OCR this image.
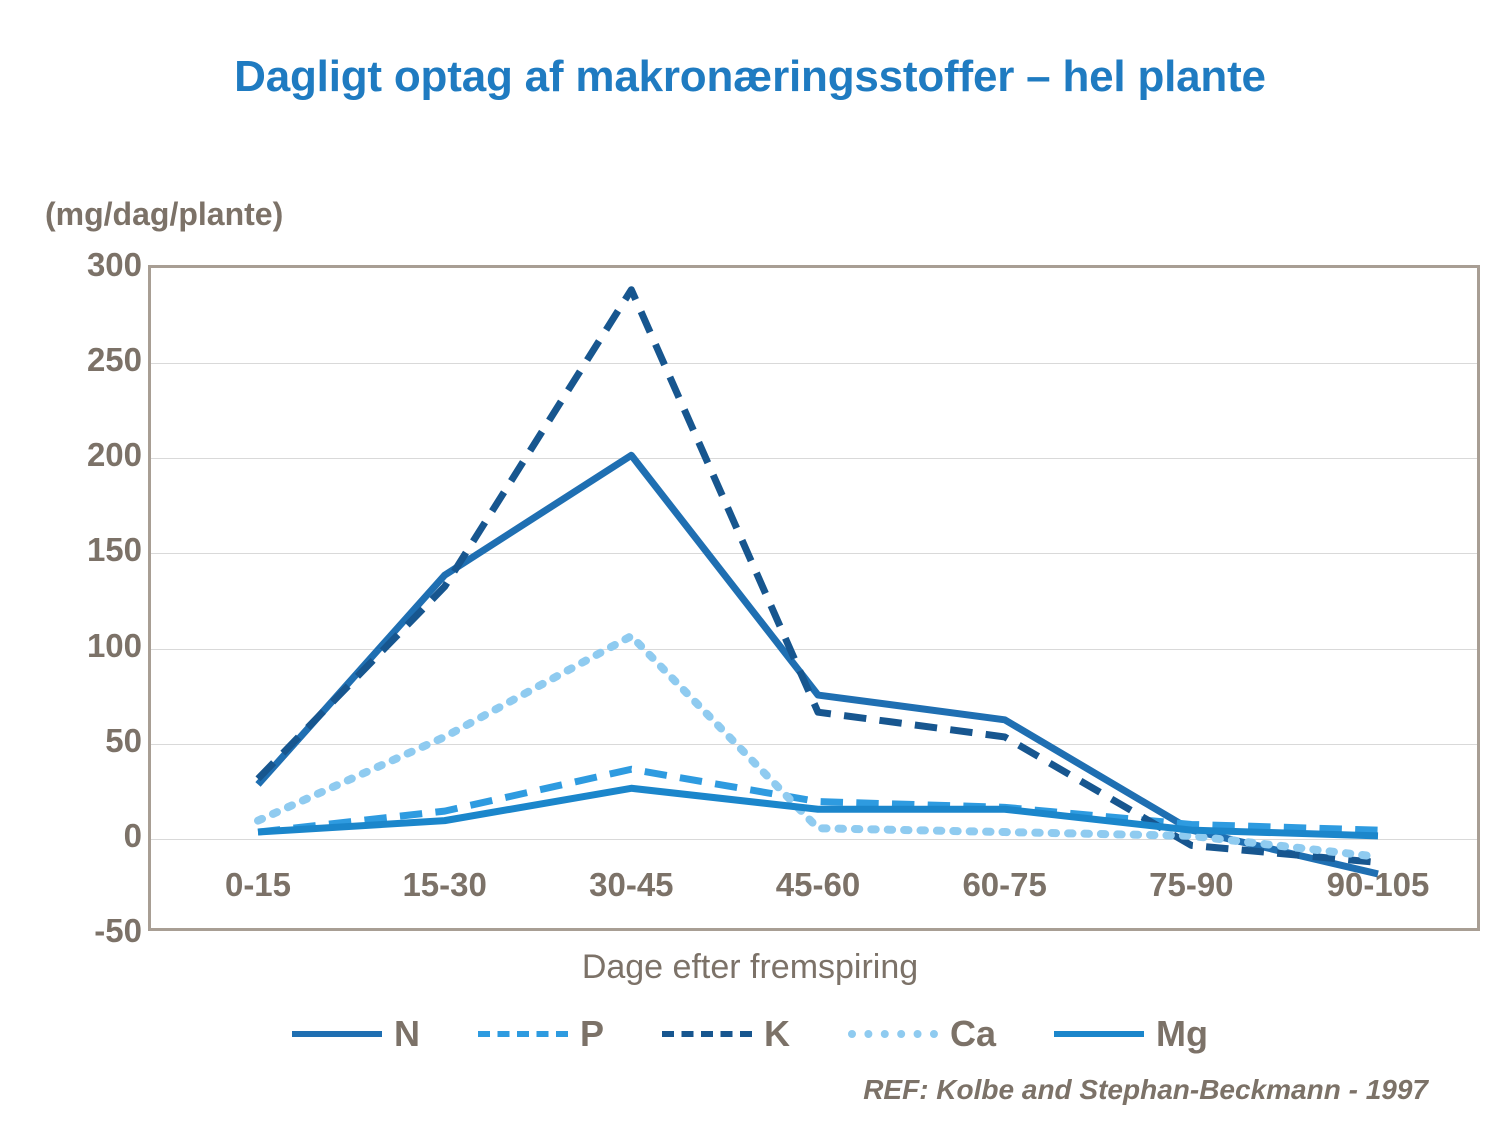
Dagligt optag af makronæringsstoffer – hel plante
(mg/dag/plante)
300
250
200
150
100
50
0
-50
0-15	15-30	30-45	45-60	60-75	75-90	90-105
Dage efter fremspiring
N	P	K	Ca	Mg
REF: Kolbe and Stephan-Beckmann - 1997
